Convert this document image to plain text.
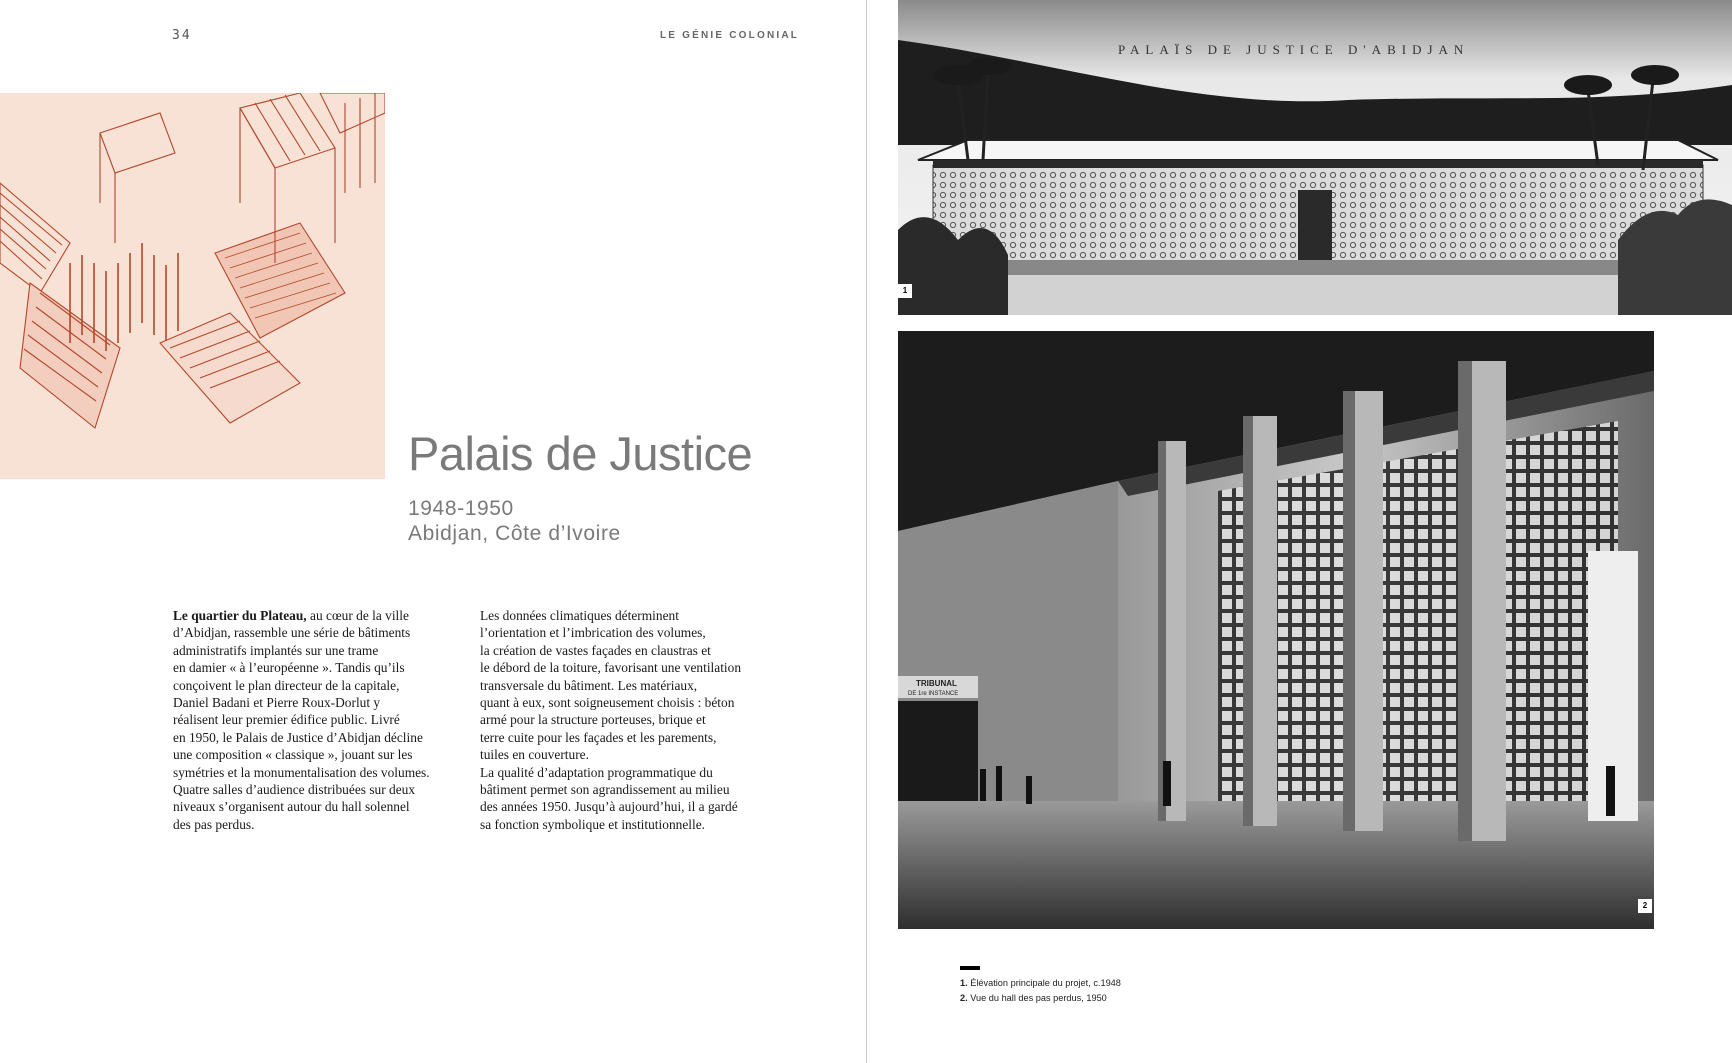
34	LE GÉNIE COLONIAL
Palais de Justice
1948-1950
Abidjan, Côte d’Ivoire
Le quartier du Plateau, au cœur de la ville
d’Abidjan, rassemble une série de bâtiments
administratifs implantés sur une trame
en damier « à l’européenne ». Tandis qu’ils
conçoivent le plan directeur de la capitale,
Daniel Badani et Pierre Roux-Dorlut y
réalisent leur premier édifice public. Livré
en 1950, le Palais de Justice d’Abidjan décline
une composition « classique », jouant sur les
symétries et la monumentalisation des volumes.
Quatre salles d’audience distribuées sur deux
niveaux s’organisent autour du hall solennel
des pas perdus.
Les données climatiques déterminent
l’orientation et l’imbrication des volumes,
la création de vastes façades en claustras et
le débord de la toiture, favorisant une ventilation
transversale du bâtiment. Les matériaux,
quant à eux, sont soigneusement choisis : béton
armé pour la structure porteuses, brique et
terre cuite pour les façades et les parements,
tuiles en couverture.
La qualité d’adaptation programmatique du
bâtiment permet son agrandissement au milieu
des années 1950. Jusqu’à aujourd’hui, il a gardé
sa fonction symbolique et institutionnelle.
PALAÏS DE JUSTICE D'ABIDJAN
1
TRIBUNAL
DE 1re INSTANCE
2
1. Élévation principale du projet, c.1948
2. Vue du hall des pas perdus, 1950
